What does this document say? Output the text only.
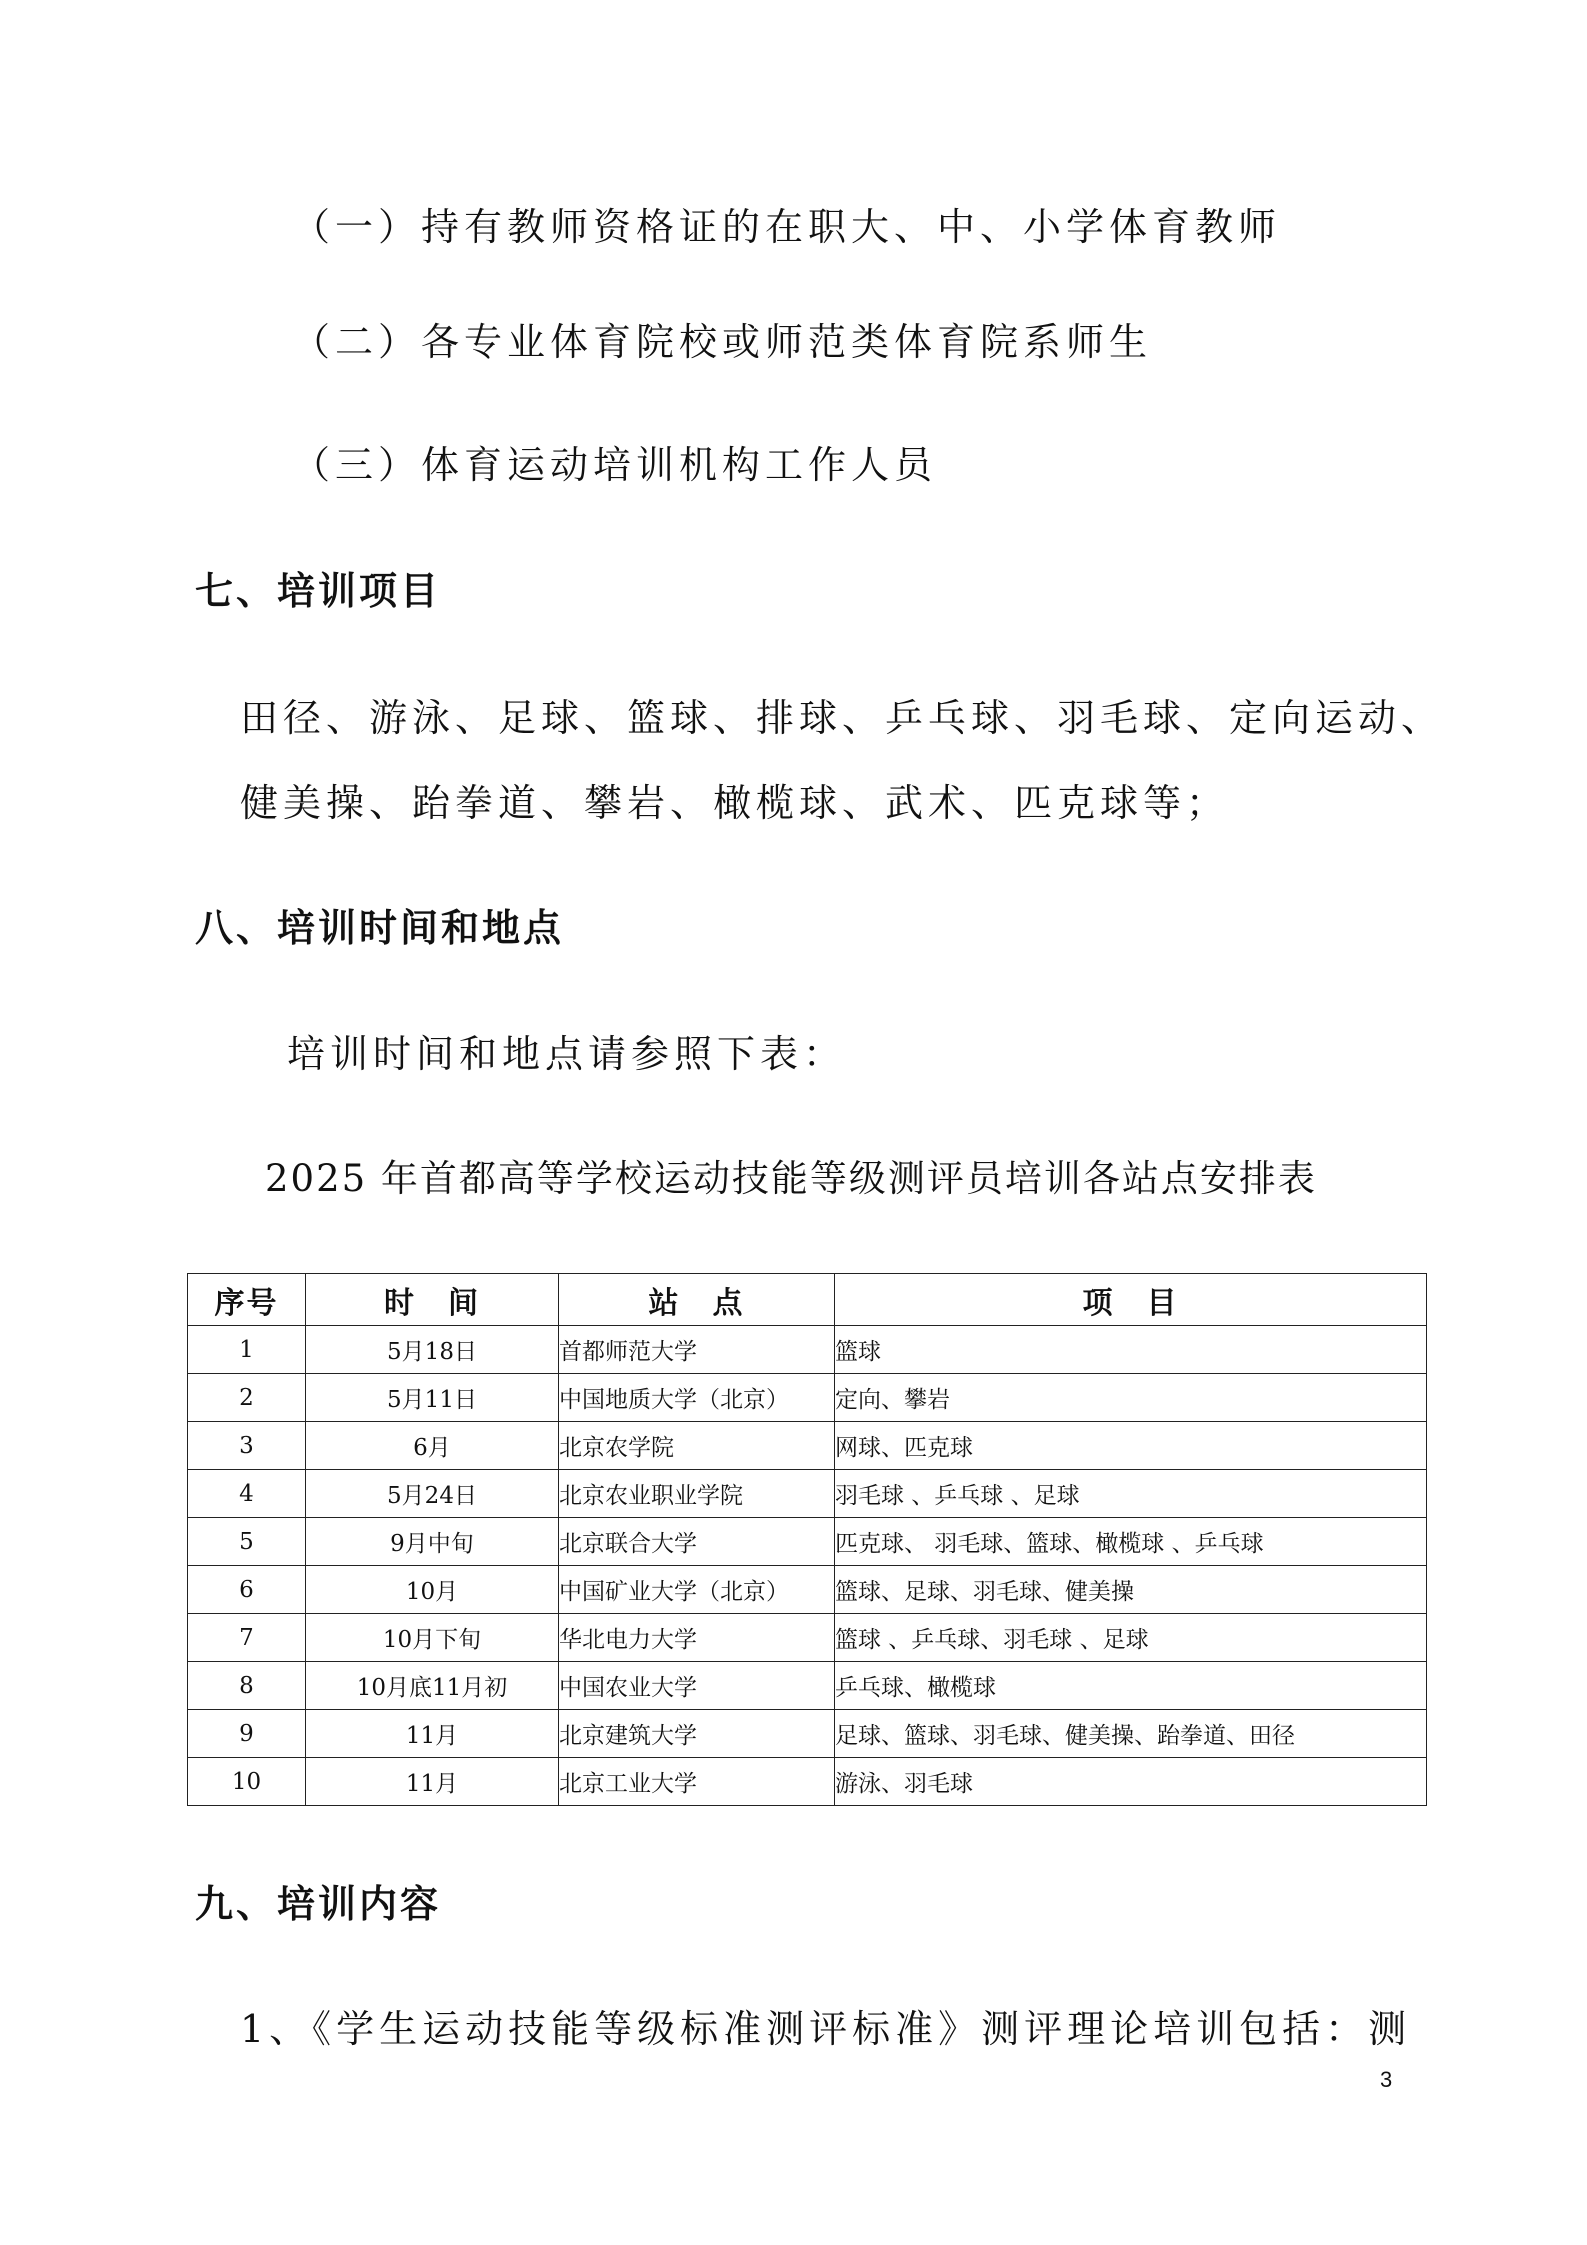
（一）持有教师资格证的在职大、中、小学体育教师
（二）各专业体育院校或师范类体育院系师生
（三）体育运动培训机构工作人员
七、培训项目
田径、游泳、足球、篮球、排球、乒乓球、羽毛球、定向运动、
健美操、跆拳道、攀岩、橄榄球、武术、匹克球等；
八、培训时间和地点
培训时间和地点请参照下表：
2025 年首都高等学校运动技能等级测评员培训各站点安排表
序号	时　间	站　点	项　目
1	5月18日	首都师范大学	篮球
2	5月11日	中国地质大学（北京）	定向、攀岩
3	6月	北京农学院	网球、匹克球
4	5月24日	北京农业职业学院	羽毛球 、乒乓球 、足球
5	9月中旬	北京联合大学	匹克球、 羽毛球、篮球、橄榄球 、乒乓球
6	10月	中国矿业大学（北京）	篮球、足球、羽毛球、健美操
7	10月下旬	华北电力大学	篮球 、乒乓球、羽毛球 、足球
8	10月底11月初	中国农业大学	乒乓球、橄榄球
9	11月	北京建筑大学	足球、篮球、羽毛球、健美操、跆拳道、田径
10	11月	北京工业大学	游泳、羽毛球
九、培训内容
1、《学生运动技能等级标准测评标准》测评理论培训包括：测
3
